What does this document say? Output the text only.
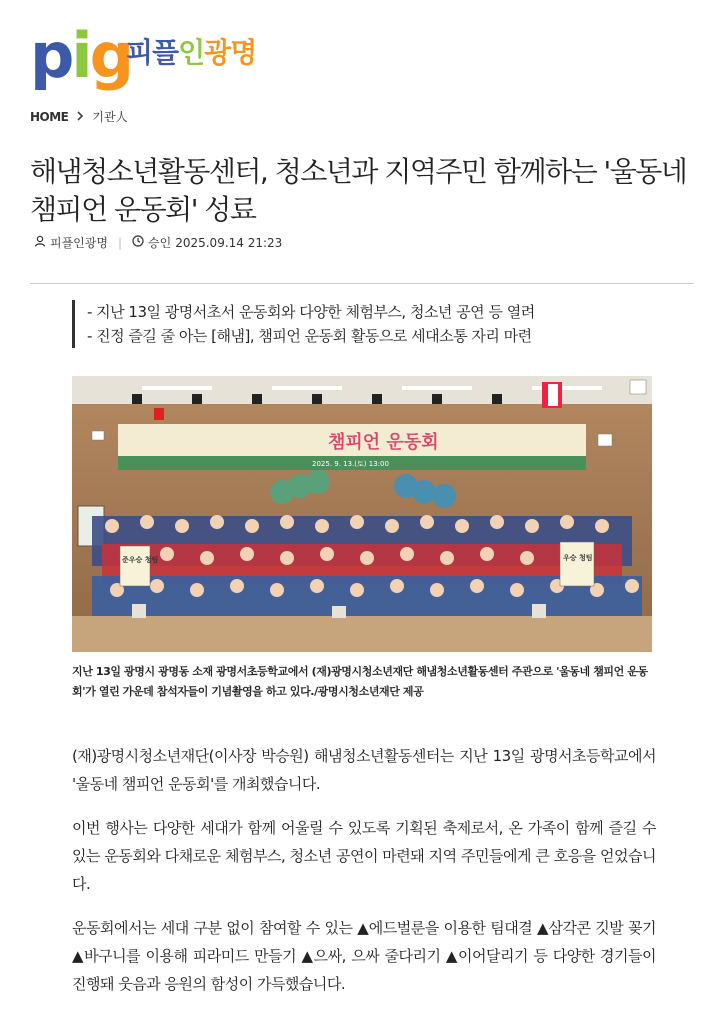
pig
피플인광명
HOME 기관人
해냄청소년활동센터, 청소년과 지역주민 함께하는 '울동네 챔피언 운동회' 성료
피플인광명 | 승인 2025.09.14 21:23
- 지난 13일 광명서초서 운동회와 다양한 체험부스, 청소년 공연 등 열려
- 진정 즐길 줄 아는 [해냄], 챔피언 운동회 활동으로 세대소통 자리 마련
챔피언 운동회
2025. 9. 13.(토) 13:00
준우승 청팀	우승 청팀
지난 13일 광명시 광명동 소재 광명서초등학교에서 (재)광명시청소년재단 해냄청소년활동센터 주관으로 '울동네 챔피언 운동회'가 열린 가운데 참석자들이 기념촬영을 하고 있다./광명시청소년재단 제공

(재)광명시청소년재단(이사장 박승원) 해냄청소년활동센터는 지난 13일 광명서초등학교에서 '울동네 챔피언 운동회'를 개최했습니다.

이번 행사는 다양한 세대가 함께 어울릴 수 있도록 기획된 축제로서, 온 가족이 함께 즐길 수 있는 운동회와 다채로운 체험부스, 청소년 공연이 마련돼 지역 주민들에게 큰 호응을 얻었습니다.

운동회에서는 세대 구분 없이 참여할 수 있는 ▲에드벌룬을 이용한 팀대결 ▲삼각콘 깃발 꽂기 ▲바구니를 이용해 피라미드 만들기 ▲으싸, 으싸 줄다리기 ▲이어달리기 등 다양한 경기들이 진행돼 웃음과 응원의 함성이 가득했습니다.
